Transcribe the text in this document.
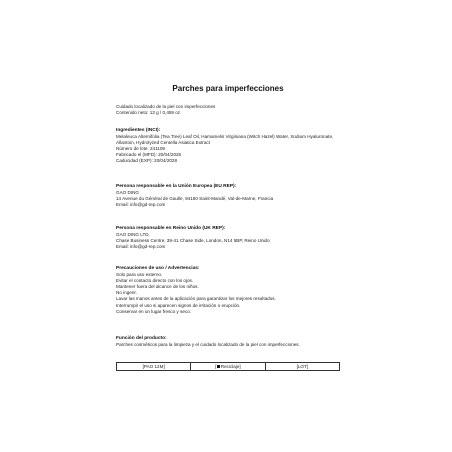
Parches para imperfecciones
Cuidado localizado de la piel con imperfecciones
Contenido neto: 13 g / 0,459 oz
Ingredientes (INCI):
Melaleuca Alternifolia (Tea Tree) Leaf Oil, Hamamelis Virginiana (Witch Hazel) Water, Sodium Hyaluronate, Allantoin, Hydrolyzed Centella Asiatica Extract
Número de lote: 241109
Fabricado el (MFD): 20/04/2025
Caducidad (EXP): 20/04/2028
Persona responsable en la Unión Europea (EU REP):
GAO DING
14 Avenue du Général de Gaulle, 94160 Saint-Mandé, Val-de-Marne, Francia
Email: info@gd-rep.com
Persona responsable en Reino Unido (UK REP):
GAO DING LTD.
Chase Business Centre, 39-41 Chase Side, London, N14 5BP, Reino Unido
Email: info@gd-rep.com
Precauciones de uso / Advertencias:
Solo para uso externo.
Evitar el contacto directo con los ojos.
Mantener fuera del alcance de los niños.
No ingerir.
Lavar las manos antes de la aplicación para garantizar los mejores resultados.
Interrumpir el uso si aparecen signos de irritación o erupción.
Conservar en un lugar fresco y seco.
Función del producto:
Parches cosméticos para la limpieza y el cuidado localizado de la piel con imperfecciones.
[PAO 12M]	Reciclaje]	[LOT]
